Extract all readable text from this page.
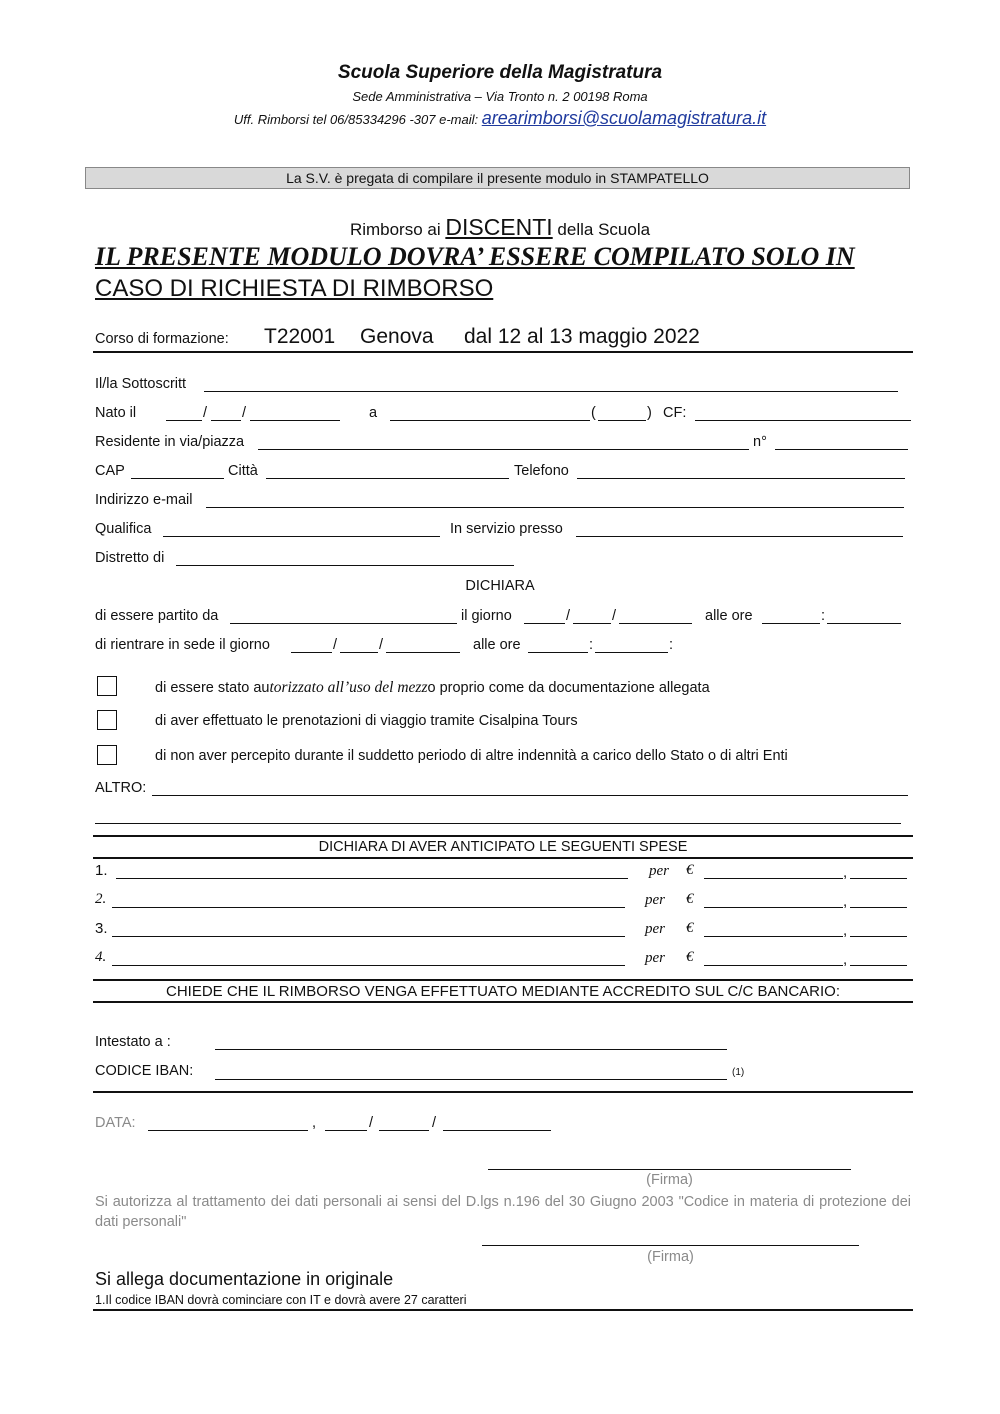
Scuola Superiore della Magistratura
Sede Amministrativa – Via Tronto n. 2 00198 Roma
Uff. Rimborsi tel 06/85334296 -307 e-mail: arearimborsi@scuolamagistratura.it
La S.V. è pregata di compilare il presente modulo in STAMPATELLO
Rimborso ai DISCENTI della Scuola
IL PRESENTE MODULO DOVRA’ ESSERE COMPILATO SOLO IN
CASO DI RICHIESTA DI RIMBORSO
Corso di formazione: T22001 Genova dal 12 al 13 maggio 2022
Il/la Sottoscritt
Nato il	/ /	a	(	) CF:
Residente in via/piazza	n°
CAP	Città	Telefono
Indirizzo e-mail
Qualifica	In servizio presso
Distretto di
DICHIARA
di essere partito da	il giorno	/	/	alle ore	:
di rientrare in sede il giorno	/	/	alle ore	:	:
di essere stato autorizzato all’uso del mezzo proprio come da documentazione allegata
di aver effettuato le prenotazioni di viaggio tramite Cisalpina Tours
di non aver percepito durante il suddetto periodo di altre indennità a carico dello Stato o di altri Enti
ALTRO:
DICHIARA DI AVER ANTICIPATO LE SEGUENTI SPESE
1.	per €	,
2.	per €	,
3.	per €	,
4.	per €	,
CHIEDE CHE IL RIMBORSO VENGA EFFETTUATO MEDIANTE ACCREDITO SUL C/C BANCARIO:
Intestato a :
CODICE IBAN:	(1)
DATA:	,	/	/
(Firma)
Si autorizza al trattamento dei dati personali ai sensi del D.lgs n.196 del 30 Giugno 2003 "Codice in materia di protezione dei dati personali"
(Firma)
Si allega documentazione in originale
1.Il codice IBAN dovrà cominciare con IT e dovrà avere 27 caratteri
